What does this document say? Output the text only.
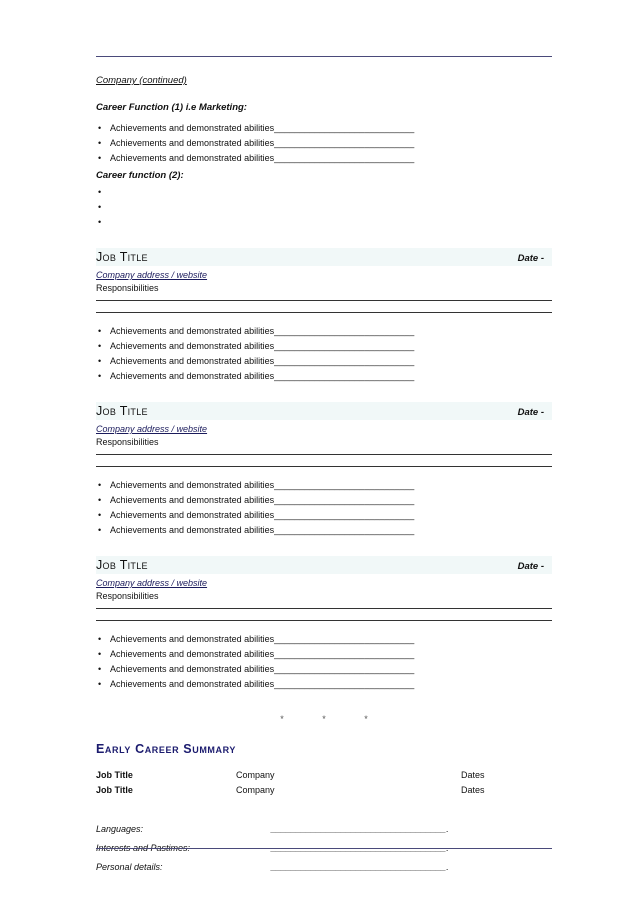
Company (continued)
Career Function (1) i.e Marketing:
• Achievements and demonstrated abilities____________________________
• Achievements and demonstrated abilities____________________________
• Achievements and demonstrated abilities____________________________
Career function (2):
•
•
•
Job Title	Date -
Company address / website
Responsibilities
• Achievements and demonstrated abilities____________________________
• Achievements and demonstrated abilities____________________________
• Achievements and demonstrated abilities____________________________
• Achievements and demonstrated abilities____________________________
Job Title	Date -
Company address / website
Responsibilities
• Achievements and demonstrated abilities____________________________
• Achievements and demonstrated abilities____________________________
• Achievements and demonstrated abilities____________________________
• Achievements and demonstrated abilities____________________________
Job Title	Date -
Company address / website
Responsibilities
• Achievements and demonstrated abilities____________________________
• Achievements and demonstrated abilities____________________________
• Achievements and demonstrated abilities____________________________
• Achievements and demonstrated abilities____________________________
* * *
Early Career Summary
Job Title	Company	Dates
Job Title	Company	Dates
Languages:	___________________________________.
Interests and Pastimes:	___________________________________.
Personal details:	___________________________________.
